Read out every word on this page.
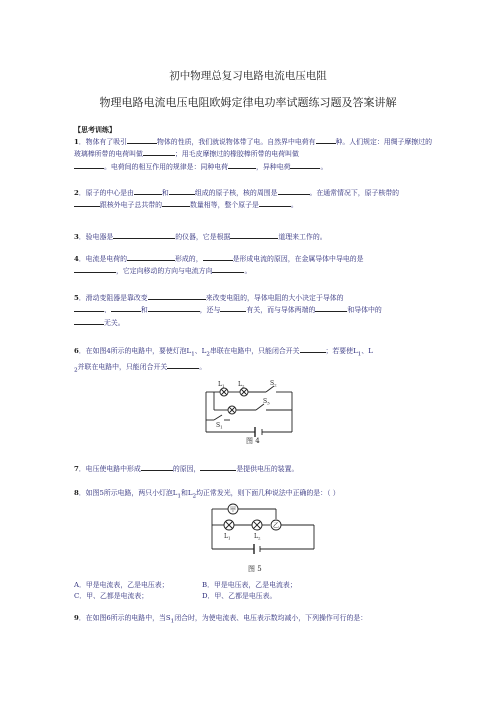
初中物理总复习电路电流电压电阻
物理电路电流电压电阻欧姆定律电功率试题练习题及答案讲解
【思考训练】
1．物体有了吸引	物体的性质，我们就说物体带了电。自然界中电荷有	种。人们规定：用绸子摩擦过的玻璃棒所带的电荷叫做	；用毛皮摩擦过的橡胶棒所带的电荷叫做
。电荷间的相互作用的规律是：同种电荷	，异种电荷	。
2．原子的中心是由	和	组成的原子核，核的周围是	。在通常情况下，原子核带的
跟核外电子总共带的	数量相等，整个原子是	。
3．验电器是	的仪器，它是根据	道理来工作的。
4．电流是电荷的	形成的，	是形成电流的原因，在金属导体中导电的是
，它定向移动的方向与电流方向	。
5．滑动变阻器是靠改变	来改变电阻的，导体电阻的大小决定于导体的
、	和	，还与	有关，而与导体两端的	和导体中的
无关。
6．在如图4所示的电路中，要使灯泡$L_1$、$L_2$串联在电路中，只能闭合开关	；若要使$L_1$、L
$_2$并联在电路中，只能闭合开关	。
$L_1$ $L_2$	$S_2$
$S_3$
$S_1$
图 4
7．电压使电路中形成	的原因，	是提供电压的装置。
8．如图5所示电路，两只小灯泡$L_1$和$L_2$均正常发光，则下面几种说法中正确的是：（ ）
甲
乙
$L_1$	$L_2$
图 5
A．甲是电流表，乙是电压表；	B．甲是电压表，乙是电流表；
C．甲、乙都是电流表；	D．甲、乙都是电压表。
9．在如图6所示的电路中，当$S_1$闭合时，为使电流表、电压表示数均减小，下列操作可行的是：
